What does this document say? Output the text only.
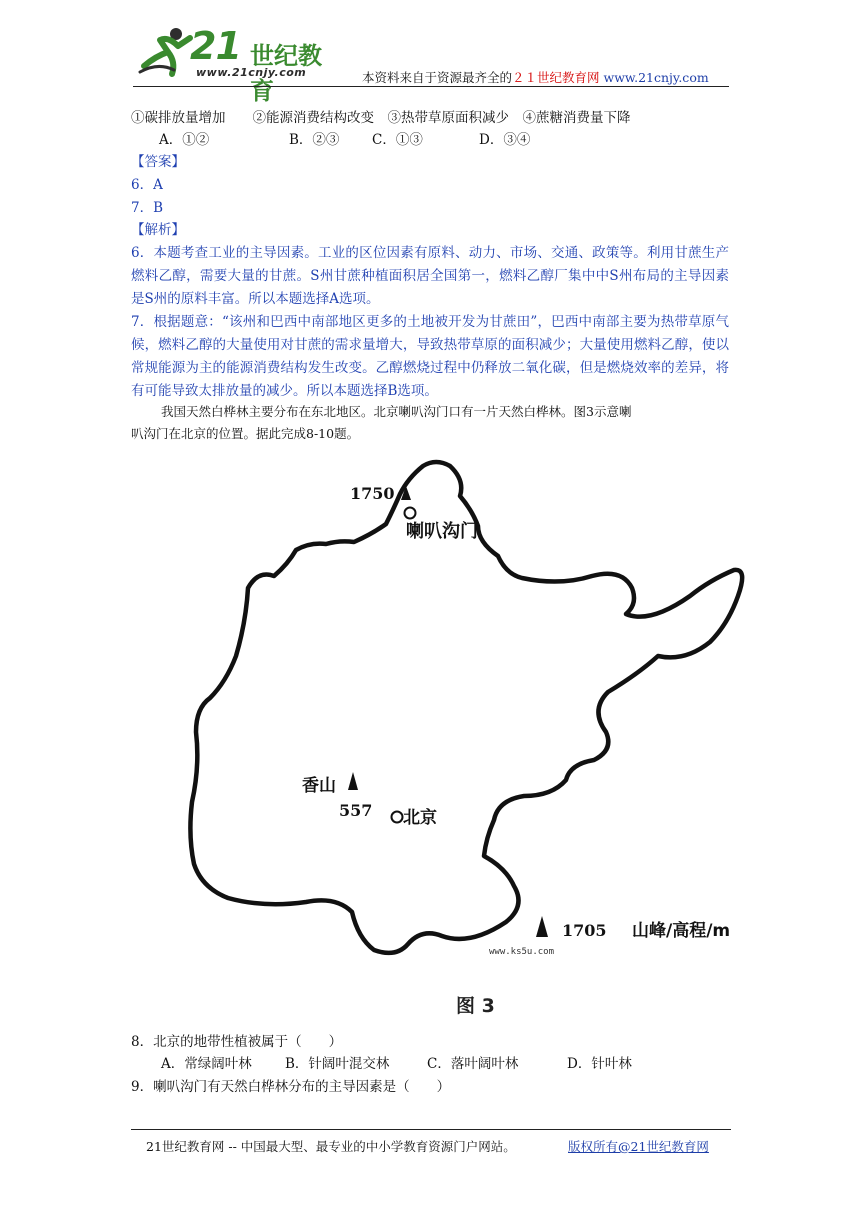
21 世纪教育
www.21cnjy.com	本资料来自于资源最齐全的２１世纪教育网 www.21cnjy.com
①碳排放量增加　　②能源消费结构改变　③热带草原面积减少　④蔗糖消费量下降
A．①②	B．②③ C．①③	D．③④
【答案】
6．A
7．B
【解析】
6．本题考查工业的主导因素。工业的区位因素有原料、动力、市场、交通、政策等。利用甘蔗生产燃料乙醇，需要大量的甘蔗。S州甘蔗种植面积居全国第一，燃料乙醇厂集中中S州布局的主导因素是S州的原料丰富。所以本题选择A选项。
7．根据题意：“该州和巴西中南部地区更多的土地被开发为甘蔗田”，巴西中南部主要为热带草原气候，燃料乙醇的大量使用对甘蔗的需求量增大，导致热带草原的面积减少；大量使用燃料乙醇，使以常规能源为主的能源消费结构发生改变。乙醇燃烧过程中仍释放二氧化碳，但是燃烧效率的差异，将有可能导致太排放量的减少。所以本题选择B选项。
我国天然白桦林主要分布在东北地区。北京喇叭沟门口有一片天然白桦林。图3示意喇
叭沟门在北京的位置。据此完成8-10题。
1750
喇叭沟门
香山
557 北京
1705 山峰/高程/m
www.ks5u.com
图 3
8．北京的地带性植被属于（　　）
A．常绿阔叶林 B．针阔叶混交林	C．落叶阔叶林	D．针叶林
9．喇叭沟门有天然白桦林分布的主导因素是（　　）
21世纪教育网 -- 中国最大型、最专业的中小学教育资源门户网站。	版权所有@21世纪教育网
